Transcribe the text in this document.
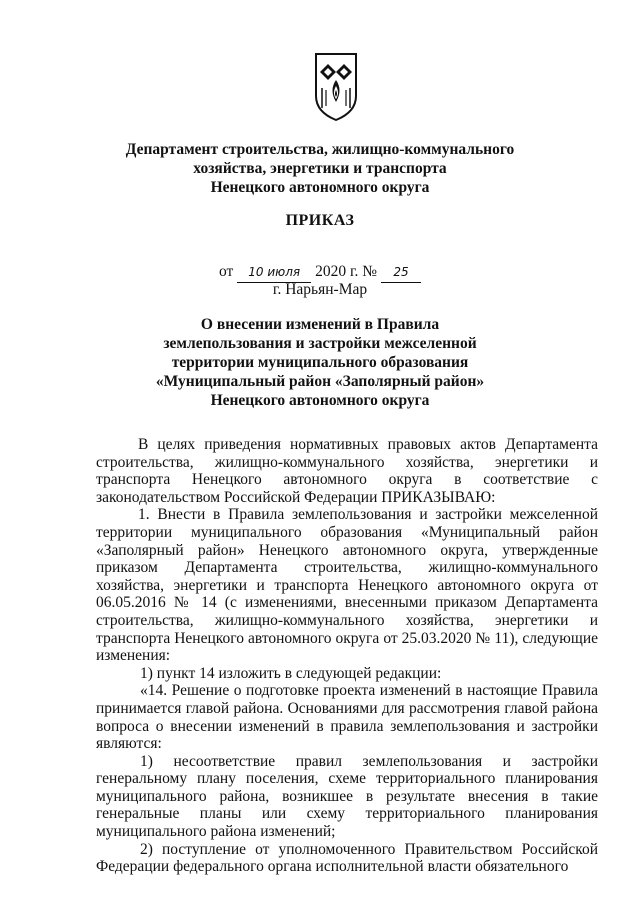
Департамент строительства, жилищно-коммунального
хозяйства, энергетики и транспорта
Ненецкого автономного округа
ПРИКАЗ
от 10 июля 2020 г. № 25
г. Нарьян-Мар
О внесении изменений в Правила
землепользования и застройки межселенной
территории муниципального образования
«Муниципальный район «Заполярный район»
Ненецкого автономного округа

В целях приведения нормативных правовых актов Департамента строительства, жилищно-коммунального хозяйства, энергетики и транспорта Ненецкого автономного округа в соответствие с законодательством Российской Федерации ПРИКАЗЫВАЮ:

1. Внести в Правила землепользования и застройки межселенной территории муниципального образования «Муниципальный район «Заполярный район» Ненецкого автономного округа, утвержденные приказом Департамента строительства, жилищно-коммунального хозяйства, энергетики и транспорта Ненецкого автономного округа от 06.05.2016 № 14 (с изменениями, внесенными приказом Департамента строительства, жилищно-коммунального хозяйства, энергетики и транспорта Ненецкого автономного округа от 25.03.2020 № 11), следующие изменения:

1) пункт 14 изложить в следующей редакции:

«14. Решение о подготовке проекта изменений в настоящие Правила принимается главой района. Основаниями для рассмотрения главой района вопроса о внесении изменений в правила землепользования и застройки являются:

1) несоответствие правил землепользования и застройки генеральному плану поселения, схеме территориального планирования муниципального района, возникшее в результате внесения в такие генеральные планы или схему территориального планирования муниципального района изменений;

2) поступление от уполномоченного Правительством Российской Федерации федерального органа исполнительной власти обязательного
